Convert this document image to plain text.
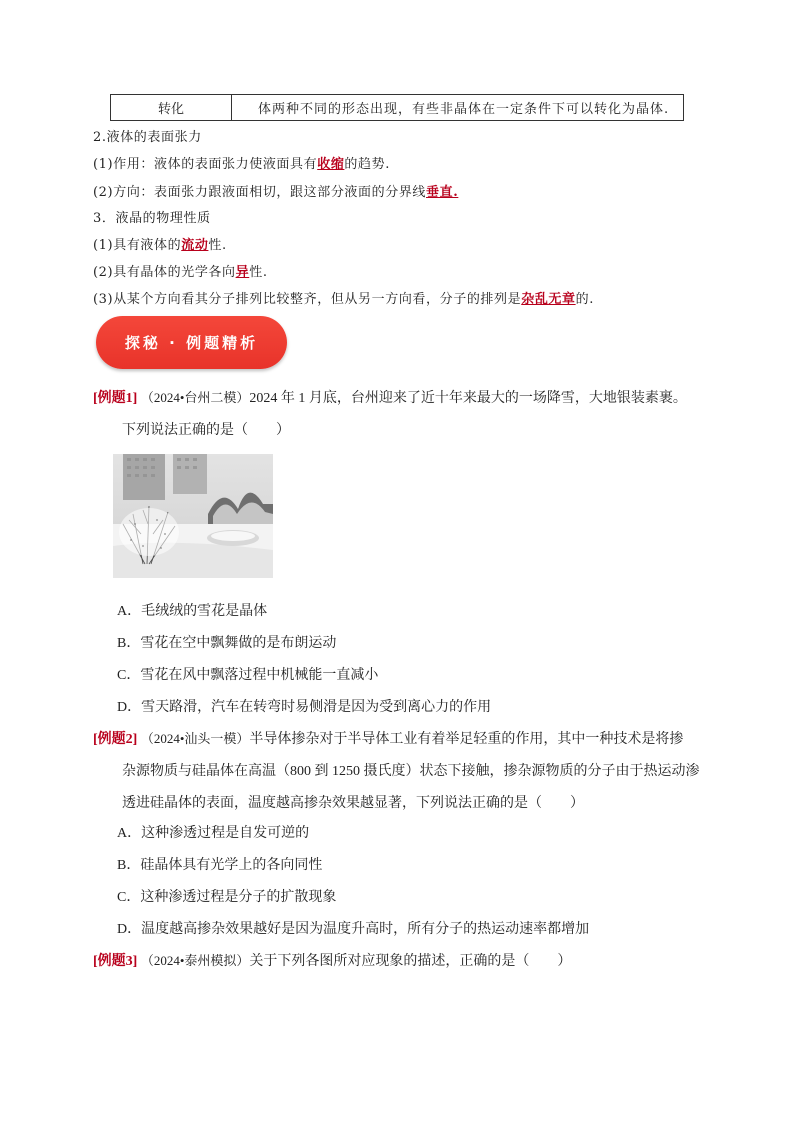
转化	体两种不同的形态出现，有些非晶体在一定条件下可以转化为晶体.
2.液体的表面张力
(1)作用：液体的表面张力使液面具有收缩的趋势.
(2)方向：表面张力跟液面相切，跟这部分液面的分界线垂直.
3．液晶的物理性质
(1)具有液体的流动性.
(2)具有晶体的光学各向异性.
(3)从某个方向看其分子排列比较整齐，但从另一方向看，分子的排列是杂乱无章的.
探秘 · 例题精析
[例题1] （2024•台州二模）2024 年 1 月底，台州迎来了近十年来最大的一场降雪，大地银装素裹。
下列说法正确的是（　　）
A．毛绒绒的雪花是晶体
B．雪花在空中飘舞做的是布朗运动
C．雪花在风中飘落过程中机械能一直减小
D．雪天路滑，汽车在转弯时易侧滑是因为受到离心力的作用
[例题2] （2024•汕头一模）半导体掺杂对于半导体工业有着举足轻重的作用，其中一种技术是将掺
杂源物质与硅晶体在高温（800 到 1250 摄氏度）状态下接触，掺杂源物质的分子由于热运动渗
透进硅晶体的表面，温度越高掺杂效果越显著，下列说法正确的是（　　）
A．这种渗透过程是自发可逆的
B．硅晶体具有光学上的各向同性
C．这种渗透过程是分子的扩散现象
D．温度越高掺杂效果越好是因为温度升高时，所有分子的热运动速率都增加
[例题3] （2024•泰州模拟）关于下列各图所对应现象的描述，正确的是（　　）
